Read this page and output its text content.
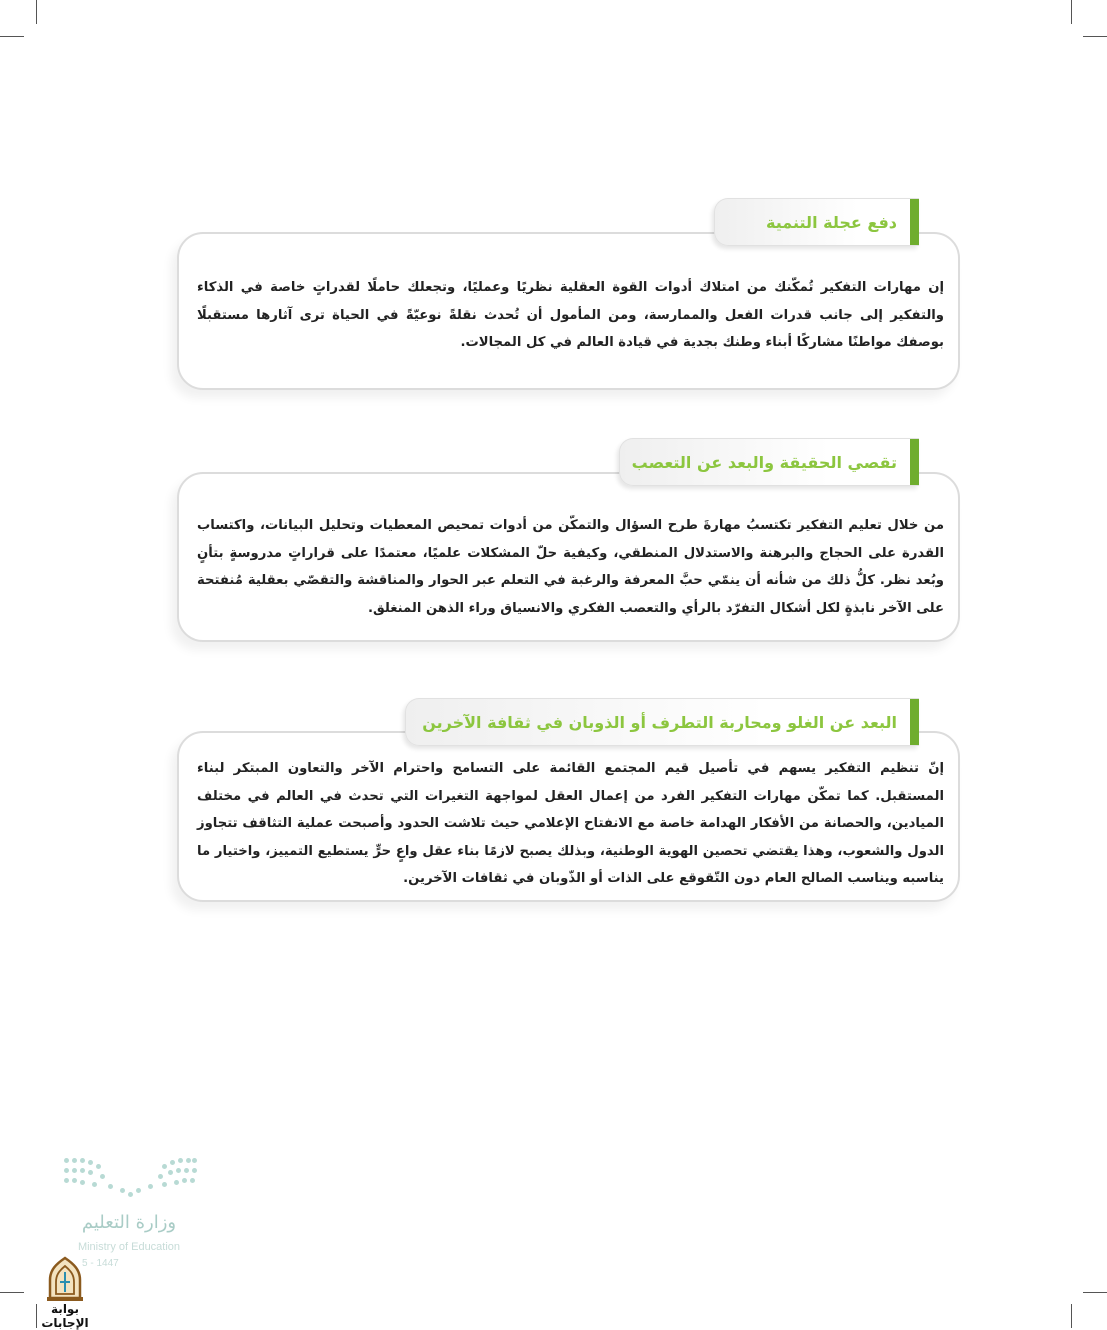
إن مهارات التفكير تُمكّنك من امتلاك أدوات القوة العقلية نظريًا وعمليًا، وتجعلك حاملًا لقدراتٍ خاصة في الذكاء والتفكير إلى جانب قدرات الفعل والممارسة، ومن المأمول أن تُحدث نقلةً نوعيّةً في الحياة ترى آثارها مستقبلًا بوصفك مواطنًا مشاركًا أبناء وطنك بجدية في قيادة العالم في كل المجالات.

دفع عجلة التنمية

من خلال تعليم التفكير تكتسبُ مهارةَ طرح السؤال والتمكّن من أدوات تمحيص المعطيات وتحليل البيانات، واكتساب القدرة على الحجاج والبرهنة والاستدلال المنطقي، وكيفية حلّ المشكلات علميًا، معتمدًا على قراراتٍ مدروسةٍ بتأنٍ وبُعد نظر. كلُّ ذلك من شأنه أن ينمّي حبَّ المعرفة والرغبة في التعلم عبر الحوار والمناقشة والتقصّي بعقلية مُنفتحة على الآخر نابذةٍ لكل أشكال التفرّد بالرأي والتعصب الفكري والانسياق وراء الذهن المنغلق.

تقصي الحقيقة والبعد عن التعصب

إنّ تنظيم التفكير يسهم في تأصيل قيم المجتمع القائمة على التسامح واحترام الآخر والتعاون المبتكر لبناء المستقبل. كما تمكّن مهارات التفكير الفرد من إعمال العقل لمواجهة التغيرات التي تحدث في العالم في مختلف الميادين، والحصانة من الأفكار الهدامة خاصة مع الانفتاح الإعلامي حيث تلاشت الحدود وأصبحت عملية التثاقف تتجاوز الدول والشعوب، وهذا يقتضي تحصين الهوية الوطنية، وبذلك يصبح لازمًا بناء عقل واعٍ حرٍّ يستطيع التمييز، واختيار ما يناسبه ويناسب الصالح العام دون التّقوقع على الذات أو الذّوبان في ثقافات الآخرين.

البعد عن الغلو ومحاربة التطرف أو الذوبان في ثقافة الآخرين
وزارة التعليم
Ministry of Education
5 - 1447
بوابة الإجابات
